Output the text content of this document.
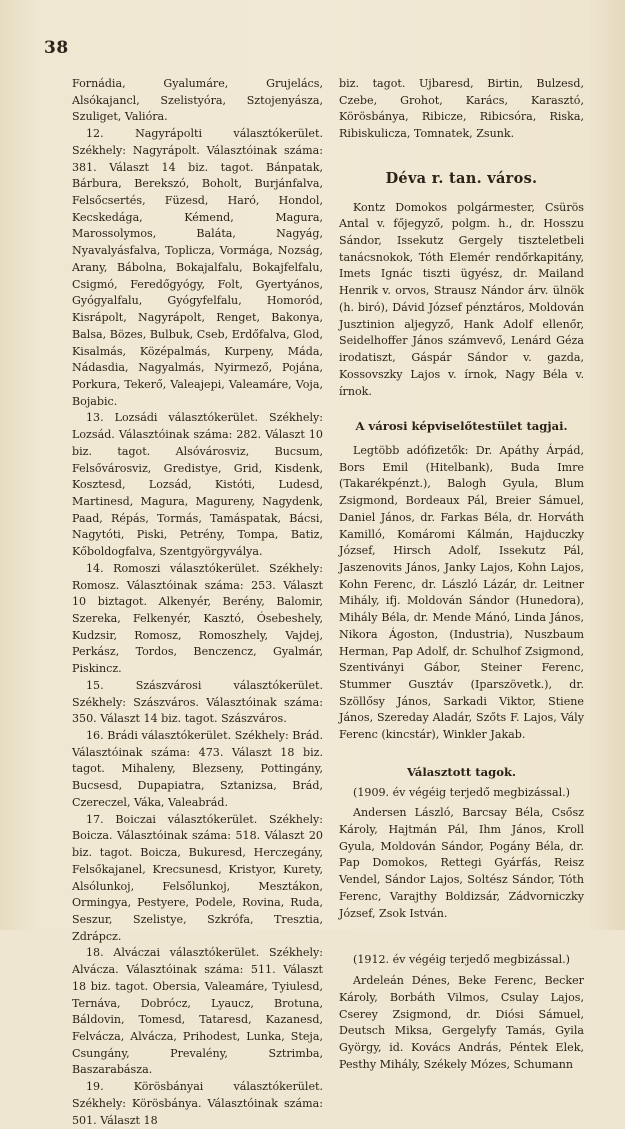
38

Fornádia, Gyalumáre, Grujelács, Alsókajancl, Szelistyóra, Sztojenyásza, Szuliget, Valióra.

12. Nagyrápolti választókerület. Székhely: Nagyrápolt. Választóinak száma: 381. Választ 14 biz. tagot. Bánpatak, Bárbura, Berekszó, Boholt, Burjánfalva, Felsőcsertés, Füzesd, Haró, Hondol, Kecskedága, Kémend, Magura, Marossolymos, Baláta, Nagyág, Nyavalyásfalva, Toplicza, Vormága, Nozság, Arany, Bábolna, Bokajalfalu, Bokajfelfalu, Csigmó, Feredőgyógy, Folt, Gyertyános, Gyógyalfalu, Gyógyfelfalu, Homoród, Kisrápolt, Nagyrápolt, Renget, Bakonya, Balsa, Bözes, Bulbuk, Cseb, Erdőfalva, Glod, Kisalmás, Középalmás, Kurpeny, Máda, Nádasdia, Nagyalmás, Nyirmező, Pojána, Porkura, Tekerő, Valeajepi, Valeamáre, Voja, Bojabic.

13. Lozsádi választókerület. Székhely: Lozsád. Választóinak száma: 282. Választ 10 biz. tagot. Alsóvárosviz, Bucsum, Felsővárosviz, Gredistye, Grid, Kisdenk, Kosztesd, Lozsád, Kistóti, Ludesd, Martinesd, Magura, Magureny, Nagydenk, Paad, Répás, Tormás, Tamáspatak, Bácsi, Nagytóti, Piski, Petrény, Tompa, Batiz, Kőboldogfalva, Szentgyörgyválya.

14. Romoszi választókerület. Székhely: Romosz. Választóinak száma: 253. Választ 10 biztagot. Alkenyér, Berény, Balomir, Szereka, Felkenyér, Kasztó, Ósebeshely, Kudzsir, Romosz, Romoszhely, Vajdej, Perkász, Tordos, Benczencz, Gyalmár, Piskincz.

15. Szászvárosi választókerület. Székhely: Szászváros. Választóinak száma: 350. Választ 14 biz. tagot. Szászváros.

16. Brádi választókerület. Székhely: Brád. Választóinak száma: 473. Választ 18 biz. tagot. Mihaleny, Blezseny, Pottingány, Bucsesd, Dupapiatra, Sztanizsa, Brád, Czereczel, Váka, Valeabrád.

17. Boiczai választókerület. Székhely: Boicza. Választóinak száma: 518. Választ 20 biz. tagot. Boicza, Bukuresd, Herczegány, Felsőkajanel, Krecsunesd, Kristyor, Kurety, Alsólunkoj, Felsőlunkoj, Mesztákon, Ormingya, Pestyere, Podele, Rovina, Ruda, Seszur, Szelistye, Szkrófa, Tresztia, Zdrápcz.

18. Alváczai választókerület. Székhely: Alvácza. Választóinak száma: 511. Választ 18 biz. tagot. Obersia, Valeamáre, Tyiulesd, Ternáva, Dobrócz, Lyaucz, Brotuna, Báldovin, Tomesd, Tataresd, Kazanesd, Felvácza, Alvácza, Prihodest, Lunka, Steja, Csungány, Prevalény, Sztrimba, Baszarabásza.

19. Körösbányai választókerület. Székhely: Körösbánya. Választóinak száma: 501. Választ 18

biz. tagot. Ujbaresd, Birtin, Bulzesd, Czebe, Grohot, Karács, Karasztó, Körösbánya, Ribicze, Ribicsóra, Riska, Ribiskulicza, Tomnatek, Zsunk.

Déva r. tan. város.

Kontz Domokos polgármester, Csürös Antal v. főjegyző, polgm. h., dr. Hosszu Sándor, Issekutz Gergely tiszteletbeli tanácsnokok, Tóth Elemér rendőrkapitány, Imets Ignác tiszti ügyész, dr. Mailand Henrik v. orvos, Strausz Nándor árv. ülnök (h. biró), Dávid József pénztáros, Moldován Jusztinion aljegyző, Hank Adolf ellenőr, Seidelhoffer János számvevő, Lenárd Géza irodatiszt, Gáspár Sándor v. gazda, Kossovszky Lajos v. írnok, Nagy Béla v. írnok.

A városi képviselőtestület tagjai.

Legtöbb adófizetők: Dr. Apáthy Árpád, Bors Emil (Hitelbank), Buda Imre (Takarékpénzt.), Balogh Gyula, Blum Zsigmond, Bordeaux Pál, Breier Sámuel, Daniel János, dr. Farkas Béla, dr. Horváth Kamilló, Komáromi Kálmán, Hajduczky József, Hirsch Adolf, Issekutz Pál, Jaszenovits János, Janky Lajos, Kohn Lajos, Kohn Ferenc, dr. László Lázár, dr. Leitner Mihály, ifj. Moldován Sándor (Hunedora), Mihály Béla, dr. Mende Mánó, Linda János, Nikora Ágoston, (Industria), Nuszbaum Herman, Pap Adolf, dr. Schulhof Zsigmond, Szentiványi Gábor, Steiner Ferenc, Stummer Gusztáv (Iparszövetk.), dr. Szöllősy János, Sarkadi Viktor, Stiene János, Szereday Aladár, Szőts F. Lajos, Vály Ferenc (kincstár), Winkler Jakab.

Választott tagok.
(1909. év végéig terjedő megbizással.)

Andersen László, Barcsay Béla, Csősz Károly, Hajtmán Pál, Ihm János, Kroll Gyula, Moldován Sándor, Pogány Béla, dr. Pap Domokos, Rettegi Gyárfás, Reisz Vendel, Sándor Lajos, Soltész Sándor, Tóth Ferenc, Varajthy Boldizsár, Zádvorniczky József, Zsok István.

(1912. év végéig terjedő megbizással.)

Ardeleán Dénes, Beke Ferenc, Becker Károly, Borbáth Vilmos, Csulay Lajos, Cserey Zsigmond, dr. Diósi Sámuel, Deutsch Miksa, Gergelyfy Tamás, Gyila György, id. Kovács András, Péntek Elek, Pesthy Mihály, Székely Mózes, Schumann
